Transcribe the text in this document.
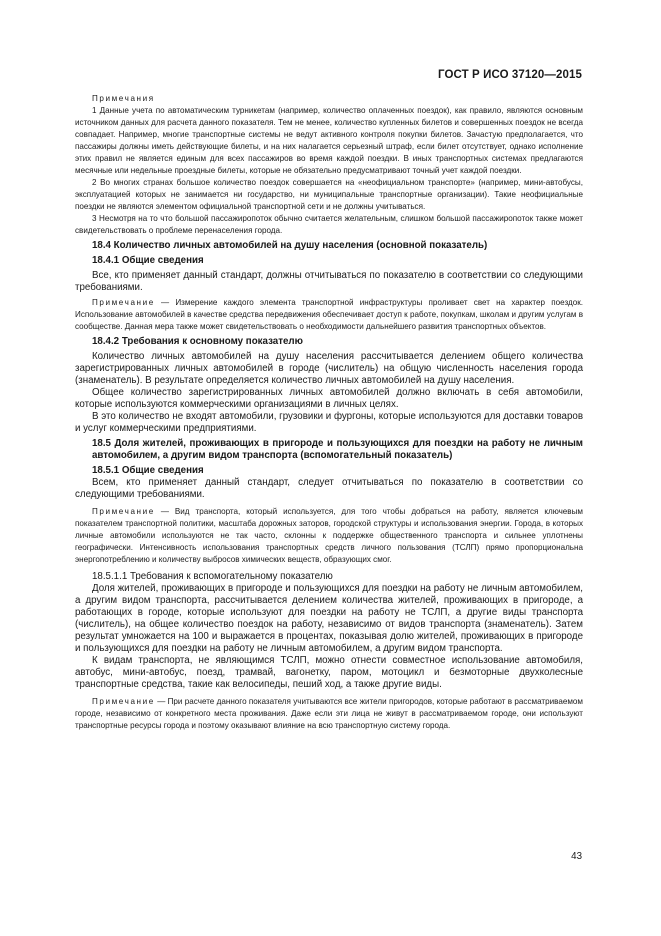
ГОСТ Р ИСО 37120—2015

Примечания

1 Данные учета по автоматическим турникетам (например, количество оплаченных поездок), как правило, являются основным источником данных для расчета данного показателя. Тем не менее, количество купленных билетов и совершенных поездок не всегда совпадает. Например, многие транспортные системы не ведут активного контроля покупки билетов. Зачастую предполагается, что пассажиры должны иметь действующие билеты, и на них налагается серьезный штраф, если билет отсутствует, однако исполнение этих правил не является единым для всех пассажиров во время каждой поездки. В иных транспортных системах предлагаются месячные или недельные проездные билеты, которые не обязательно предусматривают точный учет каждой поездки.

2 Во многих странах большое количество поездок совершается на «неофициальном транспорте» (например, мини-автобусы, эксплуатацией которых не занимается ни государство, ни муниципальные транспортные организации). Такие неофициальные поездки не являются элементом официальной транспортной сети и не должны учитываться.

3 Несмотря на то что большой пассажиропоток обычно считается желательным, слишком большой пассажиропоток также может свидетельствовать о проблеме перенаселения города.

18.4 Количество личных автомобилей на душу населения (основной показатель)

18.4.1 Общие сведения

Все, кто применяет данный стандарт, должны отчитываться по показателю в соответствии со следующими требованиями.

Примечание — Измерение каждого элемента транспортной инфраструктуры проливает свет на характер поездок. Использование автомобилей в качестве средства передвижения обеспечивает доступ к работе, покупкам, школам и другим услугам в сообществе. Данная мера также может свидетельствовать о необходимости дальнейшего развития транспортных объектов.

18.4.2 Требования к основному показателю

Количество личных автомобилей на душу населения рассчитывается делением общего количества зарегистрированных личных автомобилей в городе (числитель) на общую численность населения города (знаменатель). В результате определяется количество личных автомобилей на душу населения.

Общее количество зарегистрированных личных автомобилей должно включать в себя автомобили, которые используются коммерческими организациями в личных целях.

В это количество не входят автомобили, грузовики и фургоны, которые используются для доставки товаров и услуг коммерческими предприятиями.

18.5 Доля жителей, проживающих в пригороде и пользующихся для поездки на работу не личным автомобилем, а другим видом транспорта (вспомогательный показатель)

18.5.1 Общие сведения

Всем, кто применяет данный стандарт, следует отчитываться по показателю в соответствии со следующими требованиями.

Примечание — Вид транспорта, который используется, для того чтобы добраться на работу, является ключевым показателем транспортной политики, масштаба дорожных заторов, городской структуры и использования энергии. Города, в которых личные автомобили используются не так часто, склонны к поддержке общественного транспорта и сильнее уплотнены географически. Интенсивность использования транспортных средств личного пользования (ТСЛП) прямо пропорциональна энергопотреблению и количеству выбросов химических веществ, образующих смог.

18.5.1.1 Требования к вспомогательному показателю

Доля жителей, проживающих в пригороде и пользующихся для поездки на работу не личным автомобилем, а другим видом транспорта, рассчитывается делением количества жителей, проживающих в пригороде, а работающих в городе, которые используют для поездки на работу не ТСЛП, а другие виды транспорта (числитель), на общее количество поездок на работу, независимо от видов транспорта (знаменатель). Затем результат умножается на 100 и выражается в процентах, показывая долю жителей, проживающих в пригороде и пользующихся для поездки на работу не личным автомобилем, а другим видом транспорта.

К видам транспорта, не являющимся ТСЛП, можно отнести совместное использование автомобиля, автобус, мини-автобус, поезд, трамвай, вагонетку, паром, мотоцикл и безмоторные двухколесные транспортные средства, такие как велосипеды, пеший ход, а также другие виды.

Примечание — При расчете данного показателя учитываются все жители пригородов, которые работают в рассматриваемом городе, независимо от конкретного места проживания. Даже если эти лица не живут в рассматриваемом городе, они используют транспортные ресурсы города и поэтому оказывают влияние на всю транспортную систему города.

43
